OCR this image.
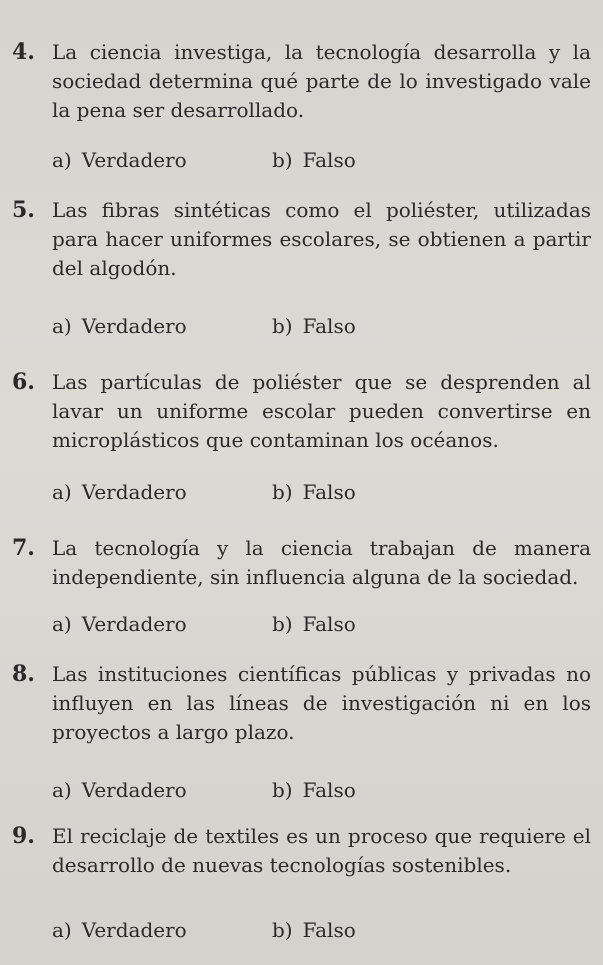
4. La ciencia investiga, la tecnología desarrolla y la sociedad determina qué parte de lo investigado vale la pena ser desarrollado.

a) Verdadero	b) Falso
5. Las fibras sintéticas como el poliéster, utilizadas para hacer uniformes escolares, se obtienen a partir del algodón.

a) Verdadero	b) Falso
6. Las partículas de poliéster que se desprenden al lavar un uniforme escolar pueden convertirse en microplásticos que contaminan los océanos.

a) Verdadero	b) Falso
7. La tecnología y la ciencia trabajan de manera independiente, sin influencia alguna de la sociedad.

a) Verdadero	b) Falso
8. Las instituciones científicas públicas y privadas no influyen en las líneas de investigación ni en los proyectos a largo plazo.

a) Verdadero	b) Falso
9. El reciclaje de textiles es un proceso que requiere el desarrollo de nuevas tecnologías sostenibles.

a) Verdadero	b) Falso
